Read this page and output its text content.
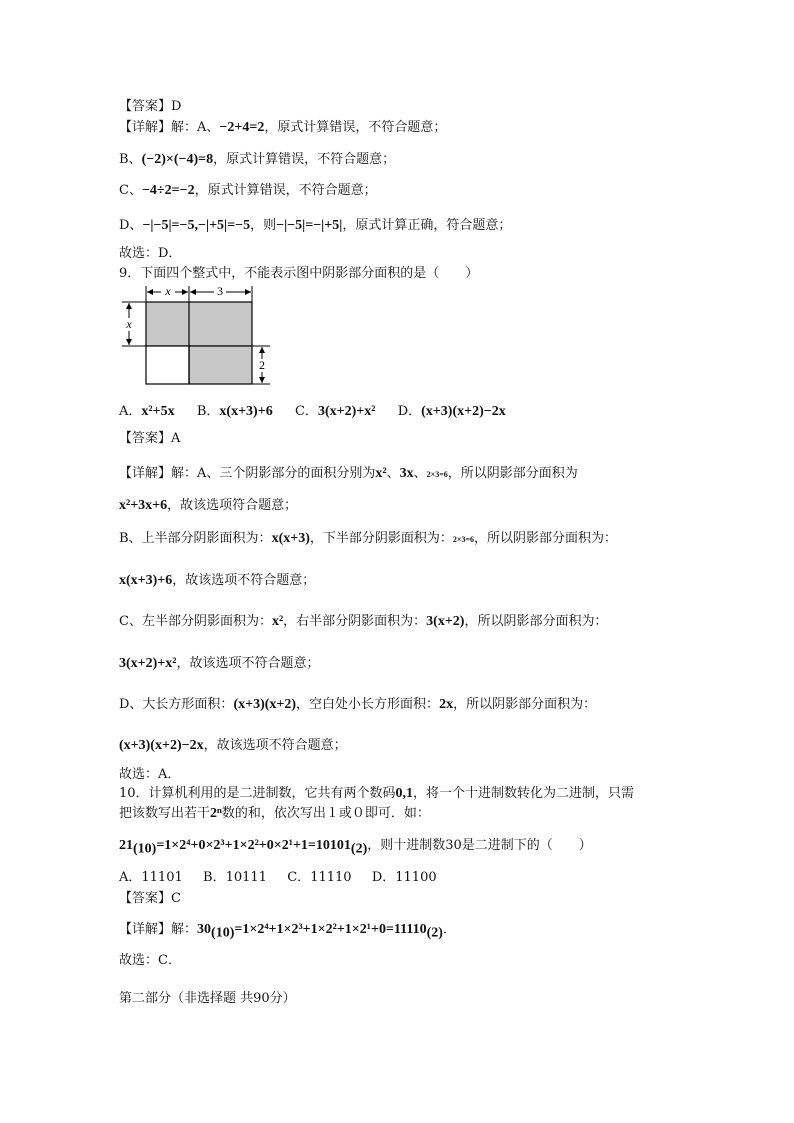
【答案】D
【详解】解：A、−2+4=2，原式计算错误，不符合题意；
B、(−2)×(−4)=8，原式计算错误，不符合题意；
C、−4÷2=−2，原式计算错误，不符合题意；
D、−|−5|=−5,−|+5|=−5，则−|−5|=−|+5|，原式计算正确，符合题意；
故选：D．
9．下面四个整式中，不能表示图中阴影部分面积的是（　　）
x	3
x
2
A．x²+5x B．x(x+3)+6 C．3(x+2)+x² D．(x+3)(x+2)−2x
【答案】A
【详解】解：A、三个阴影部分的面积分别为x²、3x、2×3=6，所以阴影部分面积为
x²+3x+6，故该选项符合题意；
B、上半部分阴影面积为：x(x+3)，下半部分阴影面积为：2×3=6，所以阴影部分面积为：
x(x+3)+6，故该选项不符合题意；
C、左半部分阴影面积为：x²，右半部分阴影面积为：3(x+2)，所以阴影部分面积为：
3(x+2)+x²，故该选项不符合题意；
D、大长方形面积：(x+3)(x+2)，空白处小长方形面积：2x，所以阴影部分面积为：
(x+3)(x+2)−2x，故该选项不符合题意；
故选：A．
10．计算机利用的是二进制数，它共有两个数码0,1，将一个十进制数转化为二进制，只需
把该数写出若干2ⁿ数的和，依次写出１或０即可．如：
$21_{(10)}=1\times 2^4+0\times 2^3+1\times 2^2+0\times 2^1+1=10101_{(2)}$，则十进制数30是二进制下的（　　）
A．11101 B．10111 C．11110 D．11100
【答案】C
【详解】解：$30_{(10)}=1\times 2^4+1\times 2^3+1\times 2^2+1\times 2^1+0=11110_{(2)}$．
故选：C．
第二部分（非选择题 共90分）
